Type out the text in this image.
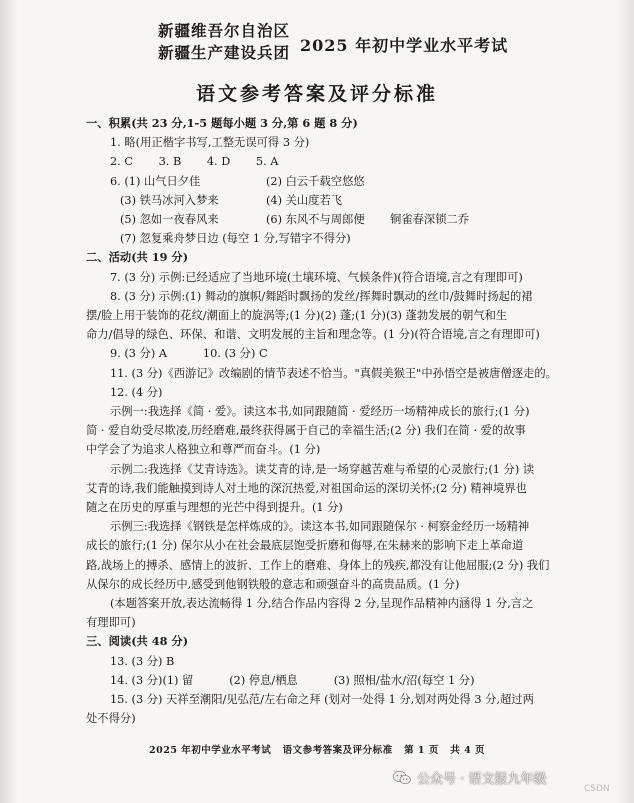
新疆维吾尔自治区
新疆生产建设兵团 2025 年初中学业水平考试
语文参考答案及评分标准
一、积累(共 23 分,1-5 题每小题 3 分,第 6 题 8 分)
1. 略(用正楷字书写,工整无误可得 3 分)
2. C 3. B 4. D 5. A
6. (1) 山气日夕佳	(2) 白云千载空悠悠
(3) 铁马冰河入梦来	(4) 关山度若飞
(5) 忽如一夜春风来	(6) 东风不与周郎便	铜雀春深锁二乔
(7) 忽复乘舟梦日边 (每空 1 分,写错字不得分)
二、活动(共 19 分)
7. (3 分) 示例:已经适应了当地环境(土壤环境、气候条件)(符合语境,言之有理即可)
8. (3 分) 示例:(1) 舞动的旗帜/舞蹈时飘扬的发丝/挥舞时飘动的丝巾/鼓舞时扬起的裙
摆/脸上用于装饰的花纹/潮面上的旋涡等;(1 分)(2) 蓬;(1 分)(3) 蓬勃发展的朝气和生
命力/倡导的绿色、环保、和谐、文明发展的主旨和理念等。(1 分)(符合语境,言之有理即可)
9. (3 分) A          10. (3 分) C
11. (3 分)《西游记》改编剧的情节表述不恰当。"真假美猴王"中孙悟空是被唐僧逐走的。
12. (4 分)
示例一:我选择《简 · 爱》。读这本书,如同跟随简 · 爱经历一场精神成长的旅行;(1 分)
简 · 爱自幼受尽欺凌,历经磨难,最终获得属于自己的幸福生活;(2 分) 我们在简 · 爱的故事
中学会了为追求人格独立和尊严而奋斗。(1 分)
示例二:我选择《艾青诗选》。读艾青的诗,是一场穿越苦难与希望的心灵旅行;(1 分) 读
艾青的诗,我们能触摸到诗人对土地的深沉热爱,对祖国命运的深切关怀;(2 分) 精神境界也
随之在历史的厚重与理想的光芒中得到提升。(1 分)
示例三:我选择《钢铁是怎样炼成的》。读这本书,如同跟随保尔 · 柯察金经历一场精神
成长的旅行;(1 分) 保尔从小在社会最底层饱受折磨和侮辱,在朱赫来的影响下走上革命道
路,战场上的搏杀、感情上的波折、工作上的磨难、身体上的残疾,都没有让他屈服;(2 分) 我们
从保尔的成长经历中,感受到他钢铁般的意志和顽强奋斗的高贵品质。(1 分)
(本题答案开放,表达流畅得 1 分,结合作品内容得 2 分,呈现作品精神内涵得 1 分,言之
有理即可)
三、阅读(共 48 分)
13. (3 分) B
14. (3 分)(1) 留          (2) 停息/栖息          (3) 照相/盐水/沼(每空 1 分)
15. (3 分) 天祥至潮阳/见弘范/左右命之拜 (划对一处得 1 分,划对两处得 3 分,超过两
处不得分)
2025 年初中学业水平考试   语文参考答案及评分标准   第 1 页   共 4 页
公众号 · 语文报九年级
CSDN
